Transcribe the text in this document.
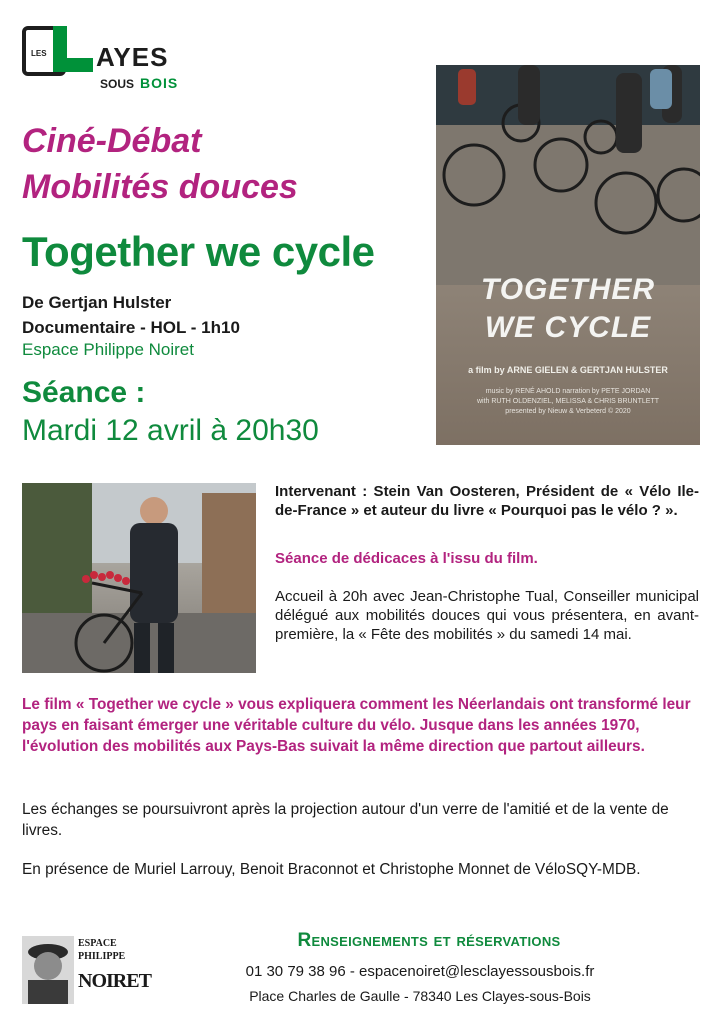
LES AYES
SOUS BOIS
Ciné-Débat
Mobilités douces
Together we cycle
De Gertjan Hulster
Documentaire - HOL - 1h10
Espace Philippe Noiret
Séance :
Mardi 12 avril à 20h30
TOGETHER
WE CYCLE
a film by ARNE GIELEN & GERTJAN HULSTER
music by RENÉ AHOLD narration by PETE JORDAN
with RUTH OLDENZIEL, MELISSA & CHRIS BRUNTLETT
presented by Nieuw & Verbeterd © 2020
Intervenant : Stein Van Oosteren, Président de « Vélo Ile-de-France » et auteur du livre « Pourquoi pas le vélo ? ».
Séance de dédicaces à l'issu du film.
Accueil à 20h avec Jean-Christophe Tual, Conseiller municipal délégué aux mobilités douces qui vous présentera, en avant-première, la « Fête des mobilités » du samedi 14 mai.
Le film « Together we cycle » vous expliquera comment les Néerlandais ont transformé leur pays en faisant émerger une véritable culture du vélo. Jusque dans les années 1970, l'évolution des mobilités aux Pays-Bas suivait la même direction que partout ailleurs.
Les échanges se poursuivront après la projection autour d'un verre de l'amitié et de la vente de livres.
En présence de Muriel Larrouy, Benoit Braconnot et Christophe Monnet de VéloSQY-MDB.
ESPACE
PHILIPPE
NOIRET
Renseignements et réservations
01 30 79 38 96 - espacenoiret@lesclayessousbois.fr
Place Charles de Gaulle - 78340 Les Clayes-sous-Bois
